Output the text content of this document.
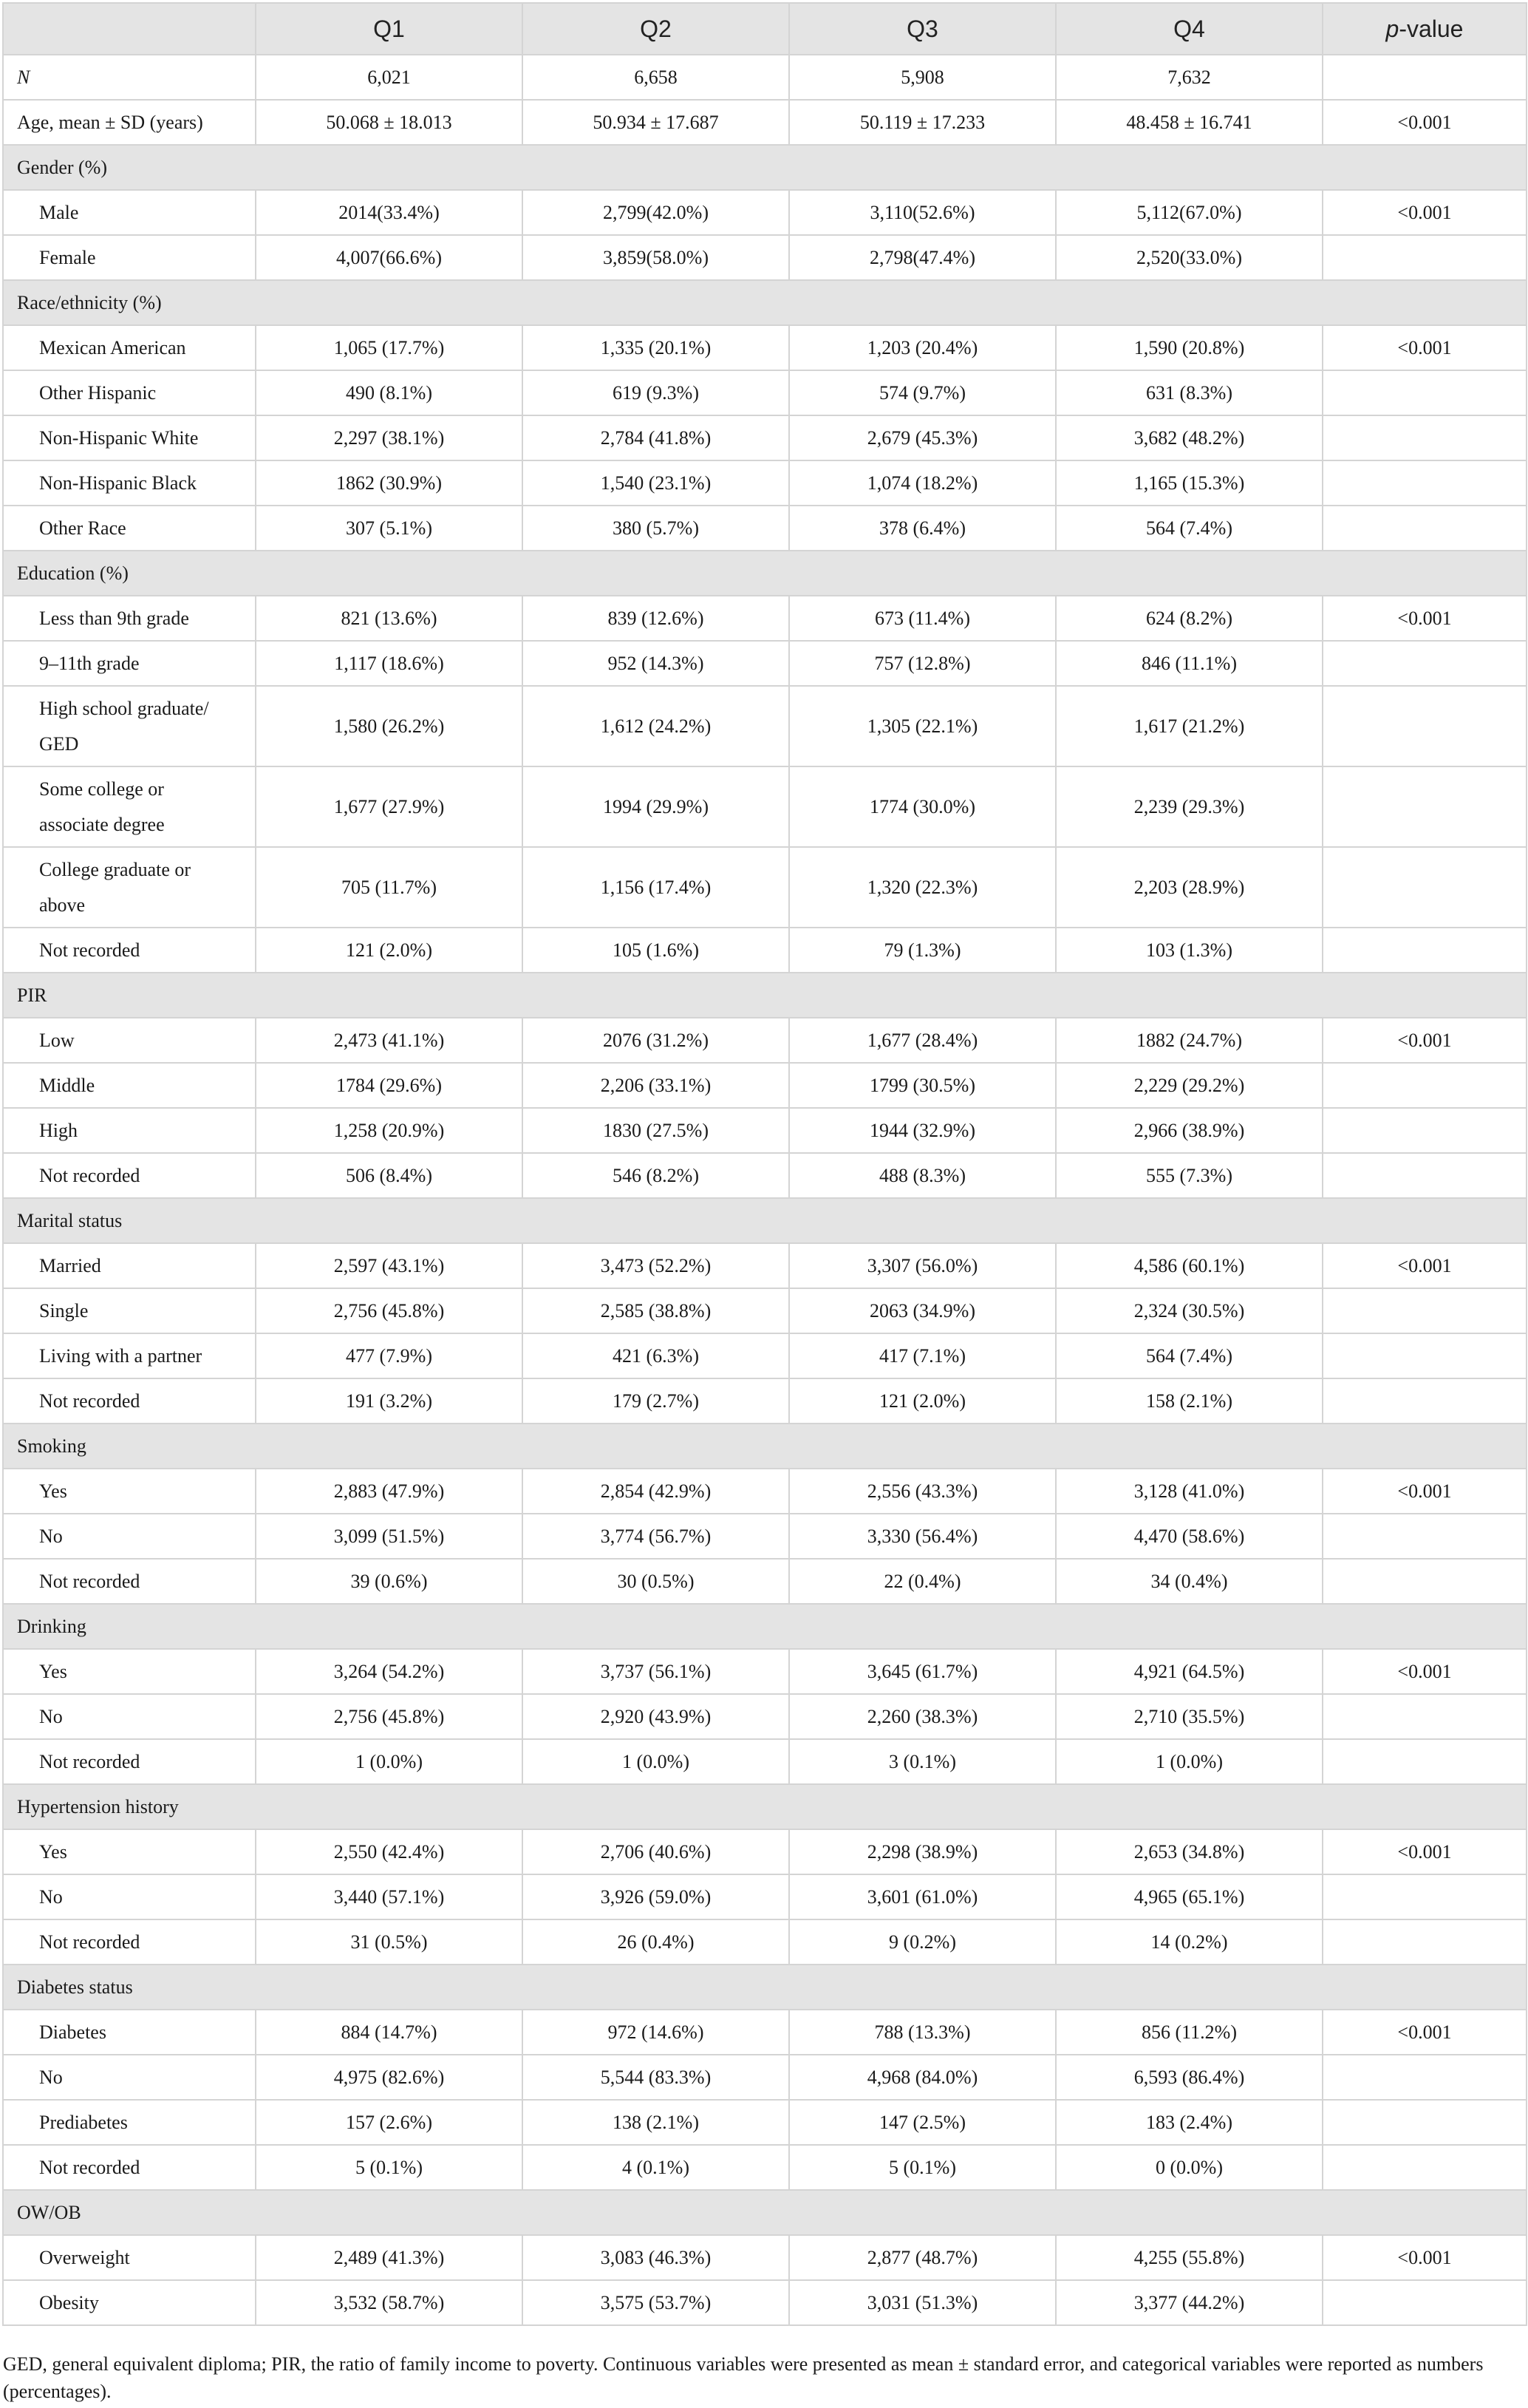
	Q1	Q2	Q3	Q4	p-value
N	6,021	6,658	5,908	7,632	
Age, mean ± SD (years)	50.068 ± 18.013	50.934 ± 17.687	50.119 ± 17.233	48.458 ± 16.741	<0.001
Gender (%)					
Male	2014(33.4%)	2,799(42.0%)	3,110(52.6%)	5,112(67.0%)	<0.001
Female	4,007(66.6%)	3,859(58.0%)	2,798(47.4%)	2,520(33.0%)	
Race/ethnicity (%)					
Mexican American	1,065 (17.7%)	1,335 (20.1%)	1,203 (20.4%)	1,590 (20.8%)	<0.001
Other Hispanic	490 (8.1%)	619 (9.3%)	574 (9.7%)	631 (8.3%)	
Non-Hispanic White	2,297 (38.1%)	2,784 (41.8%)	2,679 (45.3%)	3,682 (48.2%)	
Non-Hispanic Black	1862 (30.9%)	1,540 (23.1%)	1,074 (18.2%)	1,165 (15.3%)	
Other Race	307 (5.1%)	380 (5.7%)	378 (6.4%)	564 (7.4%)	
Education (%)					
Less than 9th grade	821 (13.6%)	839 (12.6%)	673 (11.4%)	624 (8.2%)	<0.001
9–11th grade	1,117 (18.6%)	952 (14.3%)	757 (12.8%)	846 (11.1%)	
High school graduate/
GED	1,580 (26.2%)	1,612 (24.2%)	1,305 (22.1%)	1,617 (21.2%)	
Some college or
associate degree	1,677 (27.9%)	1994 (29.9%)	1774 (30.0%)	2,239 (29.3%)	
College graduate or
above	705 (11.7%)	1,156 (17.4%)	1,320 (22.3%)	2,203 (28.9%)	
Not recorded	121 (2.0%)	105 (1.6%)	79 (1.3%)	103 (1.3%)	
PIR					
Low	2,473 (41.1%)	2076 (31.2%)	1,677 (28.4%)	1882 (24.7%)	<0.001
Middle	1784 (29.6%)	2,206 (33.1%)	1799 (30.5%)	2,229 (29.2%)	
High	1,258 (20.9%)	1830 (27.5%)	1944 (32.9%)	2,966 (38.9%)	
Not recorded	506 (8.4%)	546 (8.2%)	488 (8.3%)	555 (7.3%)	
Marital status					
Married	2,597 (43.1%)	3,473 (52.2%)	3,307 (56.0%)	4,586 (60.1%)	<0.001
Single	2,756 (45.8%)	2,585 (38.8%)	2063 (34.9%)	2,324 (30.5%)	
Living with a partner	477 (7.9%)	421 (6.3%)	417 (7.1%)	564 (7.4%)	
Not recorded	191 (3.2%)	179 (2.7%)	121 (2.0%)	158 (2.1%)	
Smoking					
Yes	2,883 (47.9%)	2,854 (42.9%)	2,556 (43.3%)	3,128 (41.0%)	<0.001
No	3,099 (51.5%)	3,774 (56.7%)	3,330 (56.4%)	4,470 (58.6%)	
Not recorded	39 (0.6%)	30 (0.5%)	22 (0.4%)	34 (0.4%)	
Drinking					
Yes	3,264 (54.2%)	3,737 (56.1%)	3,645 (61.7%)	4,921 (64.5%)	<0.001
No	2,756 (45.8%)	2,920 (43.9%)	2,260 (38.3%)	2,710 (35.5%)	
Not recorded	1 (0.0%)	1 (0.0%)	3 (0.1%)	1 (0.0%)	
Hypertension history					
Yes	2,550 (42.4%)	2,706 (40.6%)	2,298 (38.9%)	2,653 (34.8%)	<0.001
No	3,440 (57.1%)	3,926 (59.0%)	3,601 (61.0%)	4,965 (65.1%)	
Not recorded	31 (0.5%)	26 (0.4%)	9 (0.2%)	14 (0.2%)	
Diabetes status					
Diabetes	884 (14.7%)	972 (14.6%)	788 (13.3%)	856 (11.2%)	<0.001
No	4,975 (82.6%)	5,544 (83.3%)	4,968 (84.0%)	6,593 (86.4%)	
Prediabetes	157 (2.6%)	138 (2.1%)	147 (2.5%)	183 (2.4%)	
Not recorded	5 (0.1%)	4 (0.1%)	5 (0.1%)	0 (0.0%)	
OW/OB					
Overweight	2,489 (41.3%)	3,083 (46.3%)	2,877 (48.7%)	4,255 (55.8%)	<0.001
Obesity	3,532 (58.7%)	3,575 (53.7%)	3,031 (51.3%)	3,377 (44.2%)	
GED, general equivalent diploma; PIR, the ratio of family income to poverty. Continuous variables were presented as mean ± standard error, and categorical variables were reported as numbers (percentages).
